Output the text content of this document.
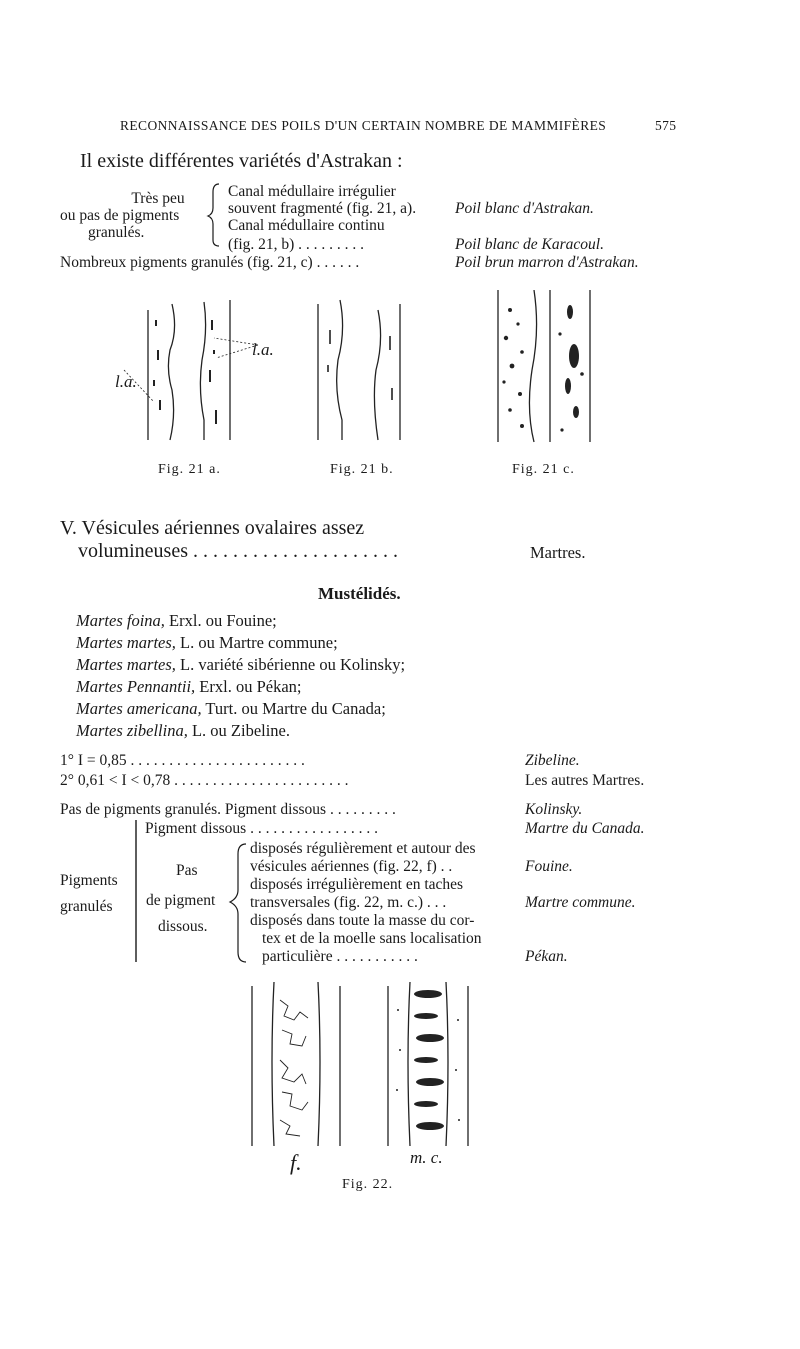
RECONNAISSANCE DES POILS D'UN CERTAIN NOMBRE DE MAMMIFÈRES	575
Il existe différentes variétés d'Astrakan :
Très peu
ou pas de pigments
granulés.
Canal médullaire irrégulier
souvent fragmenté (fig. 21, a).	Poil blanc d'Astrakan.
Canal médullaire continu
(fig. 21, b) . . . . . . . . .	Poil blanc de Karacoul.
Nombreux pigments granulés (fig. 21, c) . . . . . .	Poil brun marron d'Astrakan.
l.a.
l.a.
Fig. 21 a.	Fig. 21 b.	Fig. 21 c.
V. Vésicules aériennes ovalaires assez
volumineuses . . . . . . . . . . . . . . . . . . . . .	Martres.
Mustélidés.
Martes foina, Erxl. ou Fouine;
Martes martes, L. ou Martre commune;
Martes martes, L. variété sibérienne ou Kolinsky;
Martes Pennantii, Erxl. ou Pékan;
Martes americana, Turt. ou Martre du Canada;
Martes zibellina, L. ou Zibeline.
1° I = 0,85 . . . . . . . . . . . . . . . . . . . . . . .	Zibeline.
2° 0,61 < I < 0,78 . . . . . . . . . . . . . . . . . . . . . . .	Les autres Martres.
Pas de pigments granulés. Pigment dissous . . . . . . . . .	Kolinsky.
Pigment dissous . . . . . . . . . . . . . . . . .	Martre du Canada.
Pigments
granulés
Pas
de pigment
dissous.
disposés régulièrement et autour des
vésicules aériennes (fig. 22, f) . .	Fouine.
disposés irrégulièrement en taches
transversales (fig. 22, m. c.) . . .	Martre commune.
disposés dans toute la masse du cor-
tex et de la moelle sans localisation
particulière . . . . . . . . . . .	Pékan.
f.	m. c.
Fig. 22.
